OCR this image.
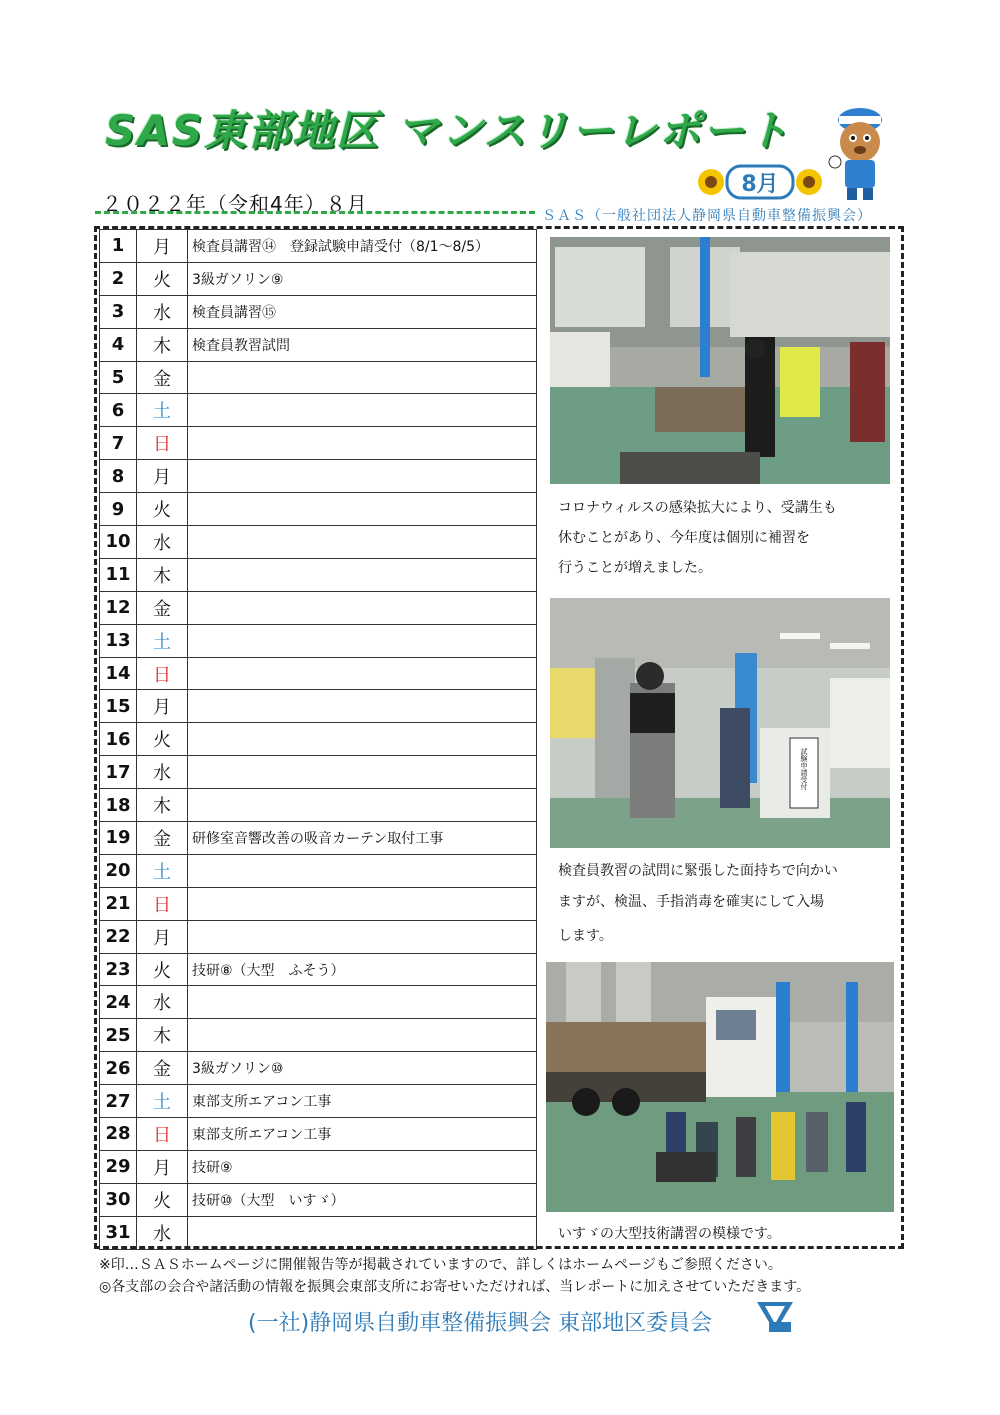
SAS東部地区 マンスリーレポート
8月
２０２２年（令和4年）８月	ＳＡＳ（一般社団法人静岡県自動車整備振興会）
1	月	検査員講習⑭　登録試験申請受付（8/1～8/5）
2	火	3級ガソリン⑨
3	水	検査員講習⑮
4	木	検査員教習試問
5	金	
6	土	
7	日	
8	月	
9	火	
10	水	
11	木	
12	金	
13	土	
14	日	
15	月	
16	火	
17	水	
18	木	
19	金	研修室音響改善の吸音カーテン取付工事
20	土	
21	日	
22	月	
23	火	技研⑧（大型　ふそう）
24	水	
25	木	
26	金	3級ガソリン⑩
27	土	東部支所エアコン工事
28	日	東部支所エアコン工事
29	月	技研⑨
30	火	技研⑩（大型　いすゞ）
31	水	
コロナウィルスの感染拡大により、受講生も
休むことがあり、今年度は個別に補習を
行うことが増えました。
試験申請受付
検査員教習の試問に緊張した面持ちで向かい
ますが、検温、手指消毒を確実にして入場
します。
いすゞの大型技術講習の模様です。
※印…ＳＡＳホームページに開催報告等が掲載されていますので、詳しくはホームページもご参照ください。
◎各支部の会合や諸活動の情報を振興会東部支所にお寄せいただければ、当レポートに加えさせていただきます。
(一社)静岡県自動車整備振興会 東部地区委員会
